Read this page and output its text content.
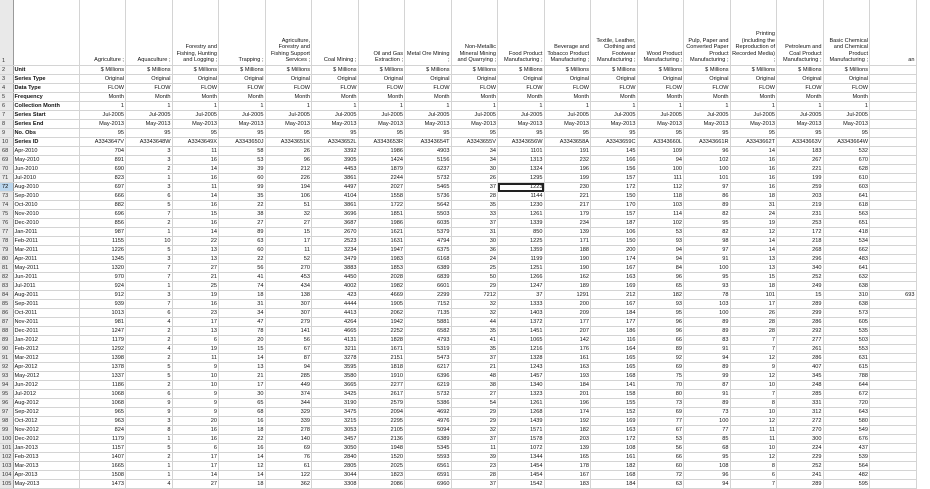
1		Agriculture ;	Aquaculture ;	Forestry and Fishing, Hunting and Logging ;	Trapping ;	Agriculture, Forestry and Fishing Support Services ;	Coal Mining ;	Oil and Gas Extraction ;	Metal Ore Mining ;	Non-Metallic Mineral Mining and Quarrying ;	Food Product Manufacturing ;	Beverage and Tobacco Product Manufacturing ;	Textile, Leather, Clothing and Footwear Manufacturing ;	Wood Product Manufacturing ;	Pulp, Paper and Converted Paper Product Manufacturing ;	Printing (including the Reproduction of Recorded Media) ;	Petroleum and Coal Product Manufacturing ;	Basic Chemical and Chemical Product Manufacturing ;	an
2	Unit	$ Millions	$ Millions	$ Millions	$ Millions	$ Millions	$ Millions	$ Millions	$ Millions	$ Millions	$ Millions	$ Millions	$ Millions	$ Millions	$ Millions	$ Millions	$ Millions	$ Millions	
3	Series Type	Original	Original	Original	Original	Original	Original	Original	Original	Original	Original	Original	Original	Original	Original	Original	Original	Original	
4	Data Type	FLOW	FLOW	FLOW	FLOW	FLOW	FLOW	FLOW	FLOW	FLOW	FLOW	FLOW	FLOW	FLOW	FLOW	FLOW	FLOW	FLOW	
5	Frequency	Month	Month	Month	Month	Month	Month	Month	Month	Month	Month	Month	Month	Month	Month	Month	Month	Month	
6	Collection Month	1	1	1	1	1	1	1	1	1	1	1	1	1	1	1	1	1	
7	Series Start	Jul-2005	Jul-2005	Jul-2005	Jul-2005	Jul-2005	Jul-2005	Jul-2005	Jul-2005	Jul-2005	Jul-2005	Jul-2005	Jul-2005	Jul-2005	Jul-2005	Jul-2005	Jul-2005	Jul-2005	
8	Series End	May-2013	May-2013	May-2013	May-2013	May-2013	May-2013	May-2013	May-2013	May-2013	May-2013	May-2013	May-2013	May-2013	May-2013	May-2013	May-2013	May-2013	
9	No. Obs	95	95	95	95	95	95	95	95	95	95	95	95	95	95	95	95	95	
10	Series ID	A3343647V	A3343648W	A3343649X	A3343650J	A3343651K	A3343652L	A3343653R	A3343654T	A3343655V	A3343656W	A3343658A	A3343659C	A3343660L	A3343661R	A3343662T	A3343663V	A3343664W	
68	Apr-2010	704	3	11	58	26	3392	1986	4903	34	1101	191	145	109	96	14	183	532	
69	May-2010	891	3	16	53	96	3905	1424	5156	34	1313	232	166	94	102	16	267	670	
70	Jun-2010	690	2	14	39	212	4453	1879	6237	30	1324	196	156	100	100	16	221	628	
71	Jul-2010	823	1	16	60	226	3861	2244	5732	26	1295	199	157	111	101	16	199	610	
72	Aug-2010	697	3	11	99	194	4497	2027	5465	37	1223	230	172	112	97	16	259	603	
73	Sep-2010	666	6	14	35	106	4104	1558	5736	28	1144	221	150	118	86	18	203	641	
74	Oct-2010	882	5	16	22	51	3861	1722	5642	35	1230	217	170	103	89	31	219	618	
75	Nov-2010	696	7	15	38	32	3696	1851	5503	33	1261	179	157	114	82	24	231	563	
76	Dec-2010	856	2	16	27	27	3687	1986	6035	37	1339	234	187	102	95	19	253	651	
77	Jan-2011	987	1	14	89	15	2670	1621	5379	31	850	139	106	53	82	12	172	418	
78	Feb-2011	1155	10	22	63	17	2523	1631	4794	30	1225	171	150	93	98	14	218	534	
79	Mar-2011	1226	5	13	60	11	3234	1947	6375	36	1359	188	200	94	97	14	268	662	
80	Apr-2011	1345	3	13	22	52	3479	1983	6168	24	1199	190	174	94	91	13	296	483	
81	May-2011	1320	7	27	56	270	3883	1853	6389	25	1251	190	167	84	100	13	340	641	
82	Jun-2011	970	7	21	41	453	4450	2028	6839	50	1266	162	163	96	95	15	252	632	
83	Jul-2011	924	1	25	74	434	4002	1982	6601	29	1247	189	169	65	93	18	249	638	
84	Aug-2011	912	3	19	18	138	423	4669	2299	7212	37	1291	212	182	78	101	15	310	693
85	Sep-2011	939	7	16	31	307	4444	1905	7152	32	1333	200	167	93	103	17	289	638	
86	Oct-2011	1013	6	23	34	307	4413	2062	7135	32	1403	209	184	95	100	26	299	573	
87	Nov-2011	981	4	17	47	279	4264	1942	5881	44	1372	177	177	96	89	28	286	605	
88	Dec-2011	1247	2	13	78	141	4665	2252	6582	35	1451	207	186	96	89	28	292	535	
89	Jan-2012	1179	2	6	20	56	4131	1828	4793	41	1065	142	116	66	83	7	277	503	
90	Feb-2012	1292	4	19	15	67	3211	1671	5319	35	1216	176	164	89	91	7	261	553	
91	Mar-2012	1398	2	11	14	87	3278	2151	5473	37	1328	161	165	92	94	12	286	631	
92	Apr-2012	1378	5	9	13	94	3595	1818	6217	21	1243	163	165	69	89	9	407	615	
93	May-2012	1337	5	10	21	285	3580	1910	6396	48	1457	193	168	75	99	12	345	788	
94	Jun-2012	1186	2	10	17	449	3665	2277	6219	38	1340	184	141	70	87	10	248	644	
95	Jul-2012	1068	6	9	30	374	3425	2617	5732	27	1323	201	158	80	91	7	285	672	
96	Aug-2012	1068	9	9	65	344	3190	2579	5386	54	1261	196	155	73	89	8	331	720	
97	Sep-2012	965	9	9	68	329	3475	2094	4692	29	1268	174	152	69	73	10	312	643	
98	Oct-2012	963	3	20	16	339	3215	2295	4976	29	1439	192	169	77	100	12	272	580	
99	Nov-2012	824	8	16	18	278	3053	2105	5094	32	1571	182	163	67	77	11	270	549	
100	Dec-2012	1179	1	16	22	140	3457	2136	6389	37	1578	203	172	53	85	11	300	676	
101	Jan-2013	1157	5	6	16	69	3050	1948	5345	11	1072	139	108	56	68	10	224	437	
102	Feb-2013	1407	2	17	14	76	2840	1520	5593	39	1344	165	161	66	95	12	229	539	
103	Mar-2013	1665	1	17	12	61	2805	2025	6561	23	1454	178	182	60	108	8	252	564	
104	Apr-2013	1508	1	14	14	122	3044	1823	6591	28	1454	167	168	72	96	6	241	482	
105	May-2013	1473	4	27	18	362	3308	2086	6960	37	1542	183	184	63	94	7	289	595	
